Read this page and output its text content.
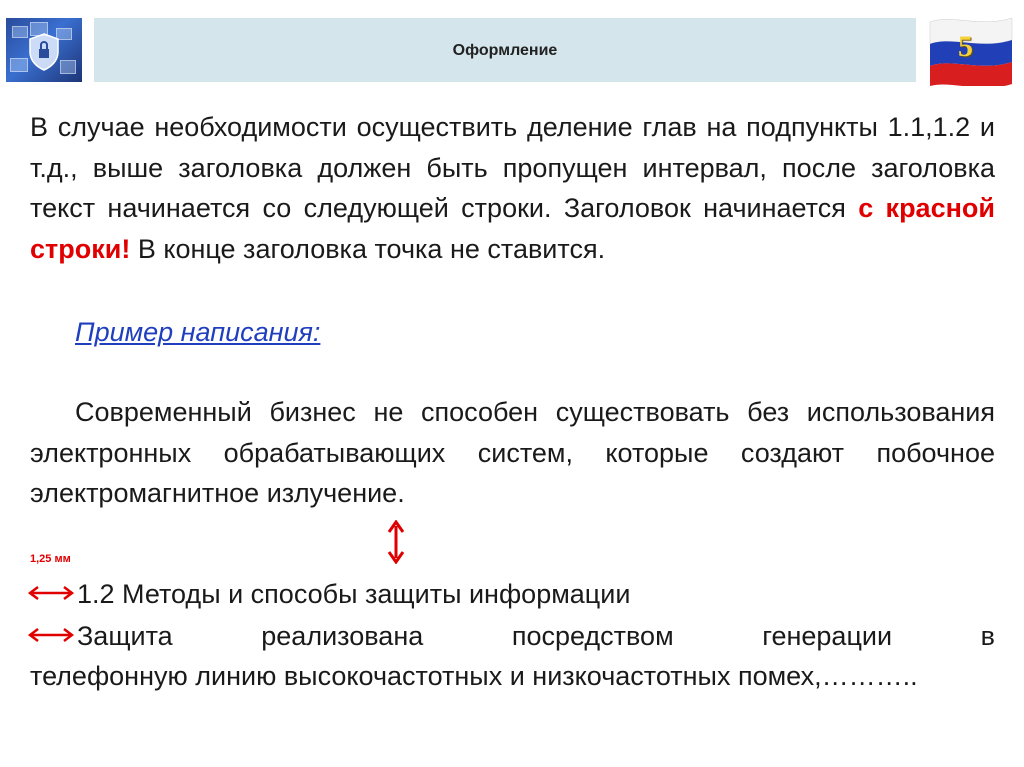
Оформление	5
В случае необходимости осуществить деление глав на подпункты 1.1,1.2 и т.д., выше заголовка должен быть пропущен интервал, после заголовка текст начинается со следующей строки. Заголовок начинается с красной строки! В конце заголовка точка не ставится.
Пример написания:
Современный бизнес не способен существовать без использования электронных обрабатывающих систем, которые создают побочное электромагнитное излучение.
1,25 мм
1.2 Методы и способы защиты информации
Защита реализована посредством генерации в
телефонную линию высокочастотных и низкочастотных помех,………..
